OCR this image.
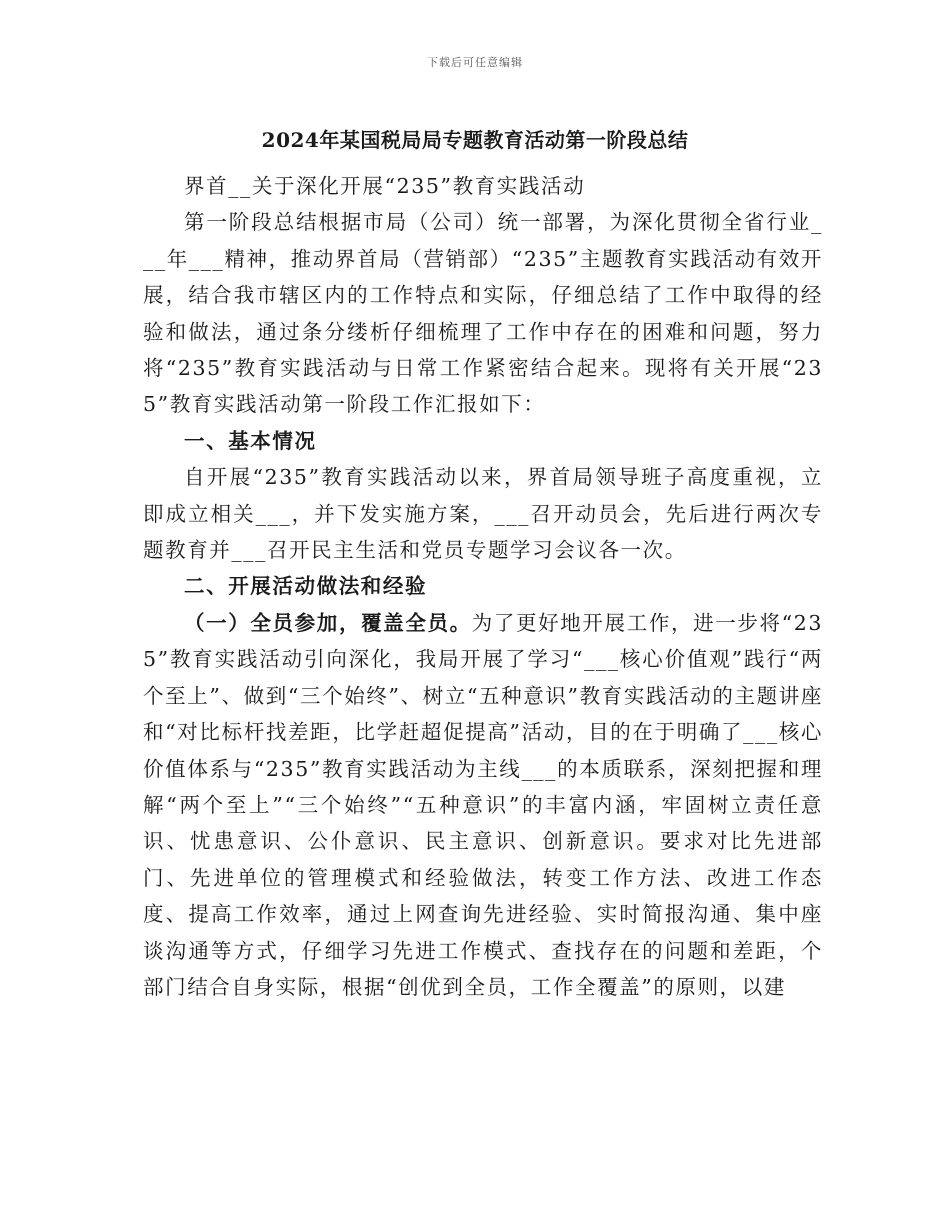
下载后可任意编辑
2024年某国税局局专题教育活动第一阶段总结

界首__关于深化开展“235”教育实践活动

第一阶段总结根据市局（公司）统一部署，为深化贯彻全省行业___年___精神，推动界首局（营销部）“235”主题教育实践活动有效开展，结合我市辖区内的工作特点和实际，仔细总结了工作中取得的经验和做法，通过条分缕析仔细梳理了工作中存在的困难和问题，努力将“235”教育实践活动与日常工作紧密结合起来。现将有关开展“235”教育实践活动第一阶段工作汇报如下：

一、基本情况

自开展“235”教育实践活动以来，界首局领导班子高度重视，立即成立相关___，并下发实施方案，___召开动员会，先后进行两次专题教育并___召开民主生活和党员专题学习会议各一次。

二、开展活动做法和经验

（一）全员参加，覆盖全员。为了更好地开展工作，进一步将“235”教育实践活动引向深化，我局开展了学习“___核心价值观”践行“两个至上”、做到“三个始终”、树立“五种意识”教育实践活动的主题讲座和“对比标杆找差距，比学赶超促提高”活动，目的在于明确了___核心价值体系与“235”教育实践活动为主线___的本质联系，深刻把握和理解“两个至上”“三个始终”“五种意识”的丰富内涵，牢固树立责任意识、忧患意识、公仆意识、民主意识、创新意识。要求对比先进部门、先进单位的管理模式和经验做法，转变工作方法、改进工作态度、提高工作效率，通过上网查询先进经验、实时简报沟通、集中座谈沟通等方式，仔细学习先进工作模式、查找存在的问题和差距，个部门结合自身实际，根据“创优到全员，工作全覆盖”的原则，以建
